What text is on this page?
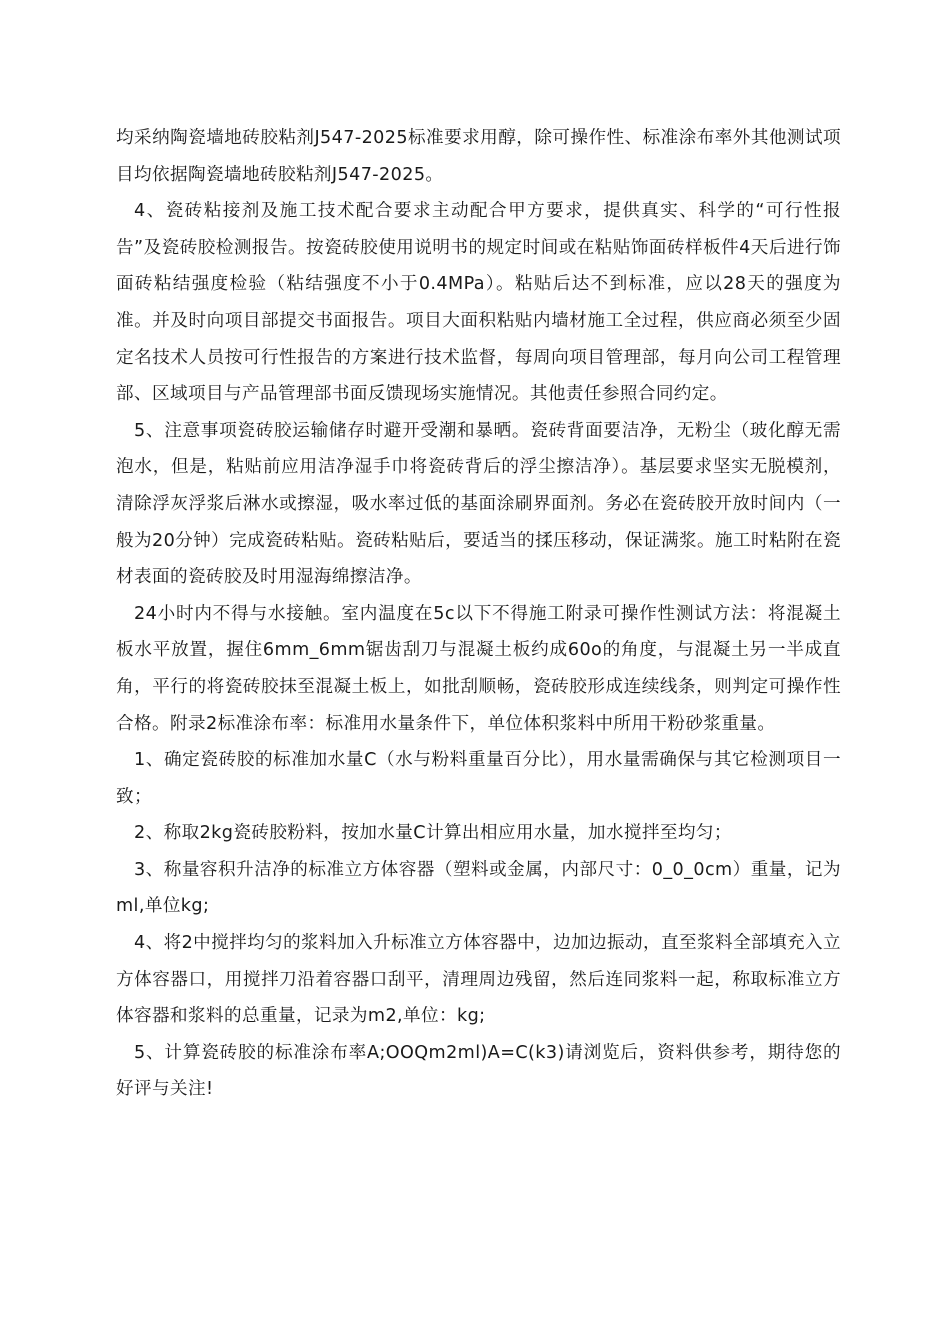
均采纳陶瓷墙地砖胶粘剂J547-2025标准要求用醇，除可操作性、标准涂布率外其他测试项目均依据陶瓷墙地砖胶粘剂J547-2025。

4、瓷砖粘接剂及施工技术配合要求主动配合甲方要求，提供真实、科学的“可行性报告”及瓷砖胶检测报告。按瓷砖胶使用说明书的规定时间或在粘贴饰面砖样板件4天后进行饰面砖粘结强度检验（粘结强度不小于0.4MPa）。粘贴后达不到标准，应以28天的强度为准。并及时向项目部提交书面报告。项目大面积粘贴内墙材施工全过程，供应商必须至少固定名技术人员按可行性报告的方案进行技术监督，每周向项目管理部，每月向公司工程管理部、区域项目与产品管理部书面反馈现场实施情况。其他责任参照合同约定。

5、注意事项瓷砖胶运输储存时避开受潮和暴晒。瓷砖背面要洁净，无粉尘（玻化醇无需泡水，但是，粘贴前应用洁净湿手巾将瓷砖背后的浮尘擦洁净）。基层要求坚实无脱模剂，清除浮灰浮浆后淋水或擦湿，吸水率过低的基面涂刷界面剂。务必在瓷砖胶开放时间内（一般为20分钟）完成瓷砖粘贴。瓷砖粘贴后，要适当的揉压移动，保证满浆。施工时粘附在瓷材表面的瓷砖胶及时用湿海绵擦洁净。

24小时内不得与水接触。室内温度在5c以下不得施工附录可操作性测试方法：将混凝土板水平放置，握住6mm_6mm锯齿刮刀与混凝土板约成60o的角度，与混凝土另一半成直角，平行的将瓷砖胶抹至混凝土板上，如批刮顺畅，瓷砖胶形成连续线条，则判定可操作性合格。附录2标准涂布率：标准用水量条件下，单位体积浆料中所用干粉砂浆重量。

1、确定瓷砖胶的标准加水量C（水与粉料重量百分比），用水量需确保与其它检测项目一致；

2、称取2kg瓷砖胶粉料，按加水量C计算出相应用水量，加水搅拌至均匀；

3、称量容积升洁净的标准立方体容器（塑料或金属，内部尺寸：0_0_0cm）重量，记为ml,单位kg;

4、将2中搅拌均匀的浆料加入升标准立方体容器中，边加边振动，直至浆料全部填充入立方体容器口，用搅拌刀沿着容器口刮平，清理周边残留，然后连同浆料一起，称取标准立方体容器和浆料的总重量，记录为m2,单位：kg;

5、计算瓷砖胶的标准涂布率A;OOQm2ml)A=C(k3)请浏览后，资料供参考，期待您的好评与关注!
